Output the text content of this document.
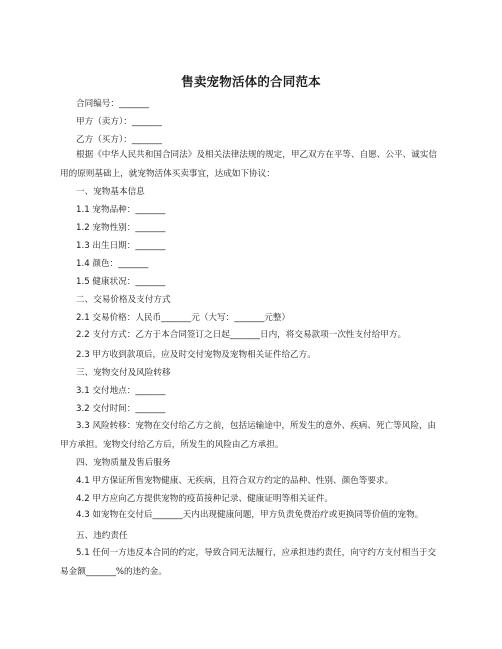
售卖宠物活体的合同范本
合同编号：_______
甲方（卖方）：_______
乙方（买方）：_______
根据《中华人民共和国合同法》及相关法律法规的规定，甲乙双方在平等、自愿、公平、诚实信用的原则基础上，就宠物活体买卖事宜，达成如下协议：
一、宠物基本信息
1.1 宠物品种：_______
1.2 宠物性别：_______
1.3 出生日期：_______
1.4 颜色：_______
1.5 健康状况：_______
二、交易价格及支付方式
2.1 交易价格：人民币_______元（大写：_______元整）
2.2 支付方式：乙方于本合同签订之日起_______日内，将交易款项一次性支付给甲方。
2.3 甲方收到款项后，应及时交付宠物及宠物相关证件给乙方。
三、宠物交付及风险转移
3.1 交付地点：_______
3.2 交付时间：_______
3.3 风险转移：宠物在交付给乙方之前，包括运输途中，所发生的意外、疾病、死亡等风险，由甲方承担。宠物交付给乙方后，所发生的风险由乙方承担。
四、宠物质量及售后服务
4.1 甲方保证所售宠物健康、无疾病，且符合双方约定的品种、性别、颜色等要求。
4.2 甲方应向乙方提供宠物的疫苗接种记录、健康证明等相关证件。
4.3 如宠物在交付后_______天内出现健康问题，甲方负责免费治疗或更换同等价值的宠物。
五、违约责任
5.1 任何一方违反本合同的约定，导致合同无法履行，应承担违约责任，向守约方支付相当于交易金额_______%的违约金。
